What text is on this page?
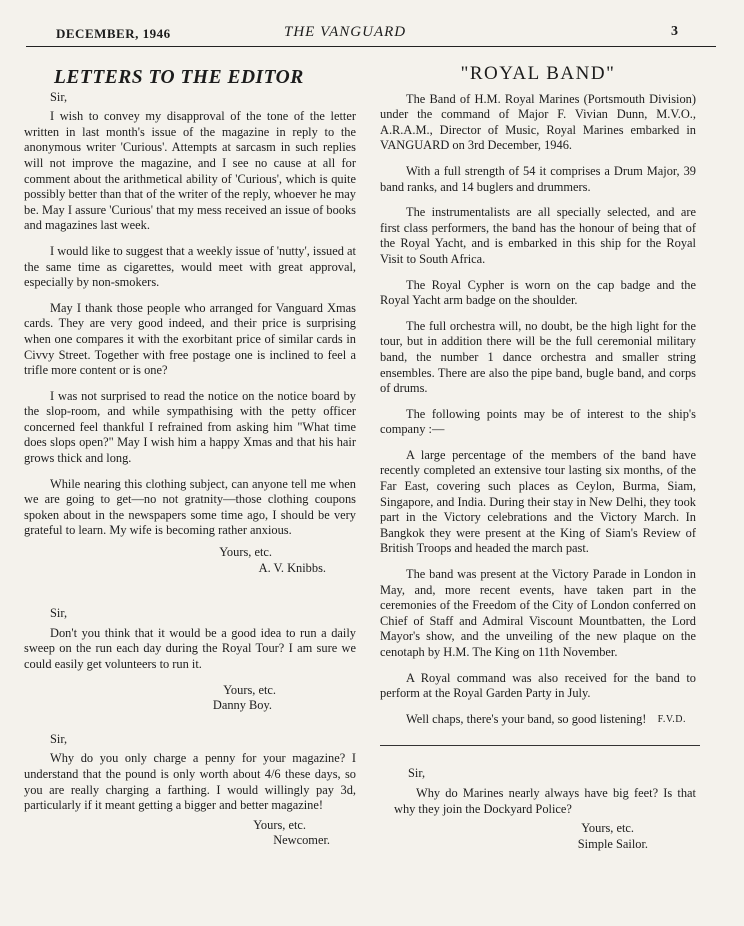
DECEMBER, 1946	THE VANGUARD	3
LETTERS TO THE EDITOR
Sir,

I wish to convey my disapproval of the tone of the letter written in last month's issue of the magazine in reply to the anonymous writer 'Curious'. Attempts at sarcasm in such replies will not improve the magazine, and I see no cause at all for comment about the arithmetical ability of 'Curious', which is quite possibly better than that of the writer of the reply, whoever he may be. May I assure 'Curious' that my mess received an issue of books and magazines last week.

I would like to suggest that a weekly issue of 'nutty', issued at the same time as cigarettes, would meet with great approval, especially by non-smokers.

May I thank those people who arranged for Vanguard Xmas cards. They are very good indeed, and their price is surprising when one compares it with the exorbitant price of similar cards in Civvy Street. Together with free postage one is inclined to feel a trifle more content or is one?

I was not surprised to read the notice on the notice board by the slop-room, and while sympathising with the petty officer concerned feel thankful I refrained from asking him "What time does slops open?" May I wish him a happy Xmas and that his hair grows thick and long.

While nearing this clothing subject, can anyone tell me when we are going to get—no not gratnity—those clothing coupons spoken about in the newspapers some time ago, I should be very grateful to learn. My wife is becoming rather anxious.

Yours, etc.
A. V. Knibbs.
Sir,

Don't you think that it would be a good idea to run a daily sweep on the run each day during the Royal Tour? I am sure we could easily get volunteers to run it.

Yours, etc.
Danny Boy.
Sir,

Why do you only charge a penny for your magazine? I understand that the pound is only worth about 4/6 these days, so you are really charging a farthing. I would willingly pay 3d, particularly if it meant getting a bigger and better magazine!

Yours, etc.
Newcomer.
"ROYAL BAND"

The Band of H.M. Royal Marines (Portsmouth Division) under the command of Major F. Vivian Dunn, M.V.O., A.R.A.M., Director of Music, Royal Marines embarked in VANGUARD on 3rd December, 1946.

With a full strength of 54 it comprises a Drum Major, 39 band ranks, and 14 buglers and drummers.

The instrumentalists are all specially selected, and are first class performers, the band has the honour of being that of the Royal Yacht, and is embarked in this ship for the Royal Visit to South Africa.

The Royal Cypher is worn on the cap badge and the Royal Yacht arm badge on the shoulder.

The full orchestra will, no doubt, be the high light for the tour, but in addition there will be the full ceremonial military band, the number 1 dance orchestra and smaller string ensembles. There are also the pipe band, bugle band, and corps of drums.

The following points may be of interest to the ship's company :—

A large percentage of the members of the band have recently completed an extensive tour lasting six months, of the Far East, covering such places as Ceylon, Burma, Siam, Singapore, and India. During their stay in New Delhi, they took part in the Victory celebrations and the Victory March. In Bangkok they were present at the King of Siam's Review of British Troops and headed the march past.

The band was present at the Victory Parade in London in May, and, more recent events, have taken part in the ceremonies of the Freedom of the City of London conferred on Chief of Staff and Admiral Viscount Mountbatten, the Lord Mayor's show, and the unveiling of the new plaque on the cenotaph by H.M. The King on 11th November.

A Royal command was also received for the band to perform at the Royal Garden Party in July.

Well chaps, there's your band, so good listening!	F.V.D.
Sir,

Why do Marines nearly always have big feet? Is that why they join the Dockyard Police?

Yours, etc.
Simple Sailor.
